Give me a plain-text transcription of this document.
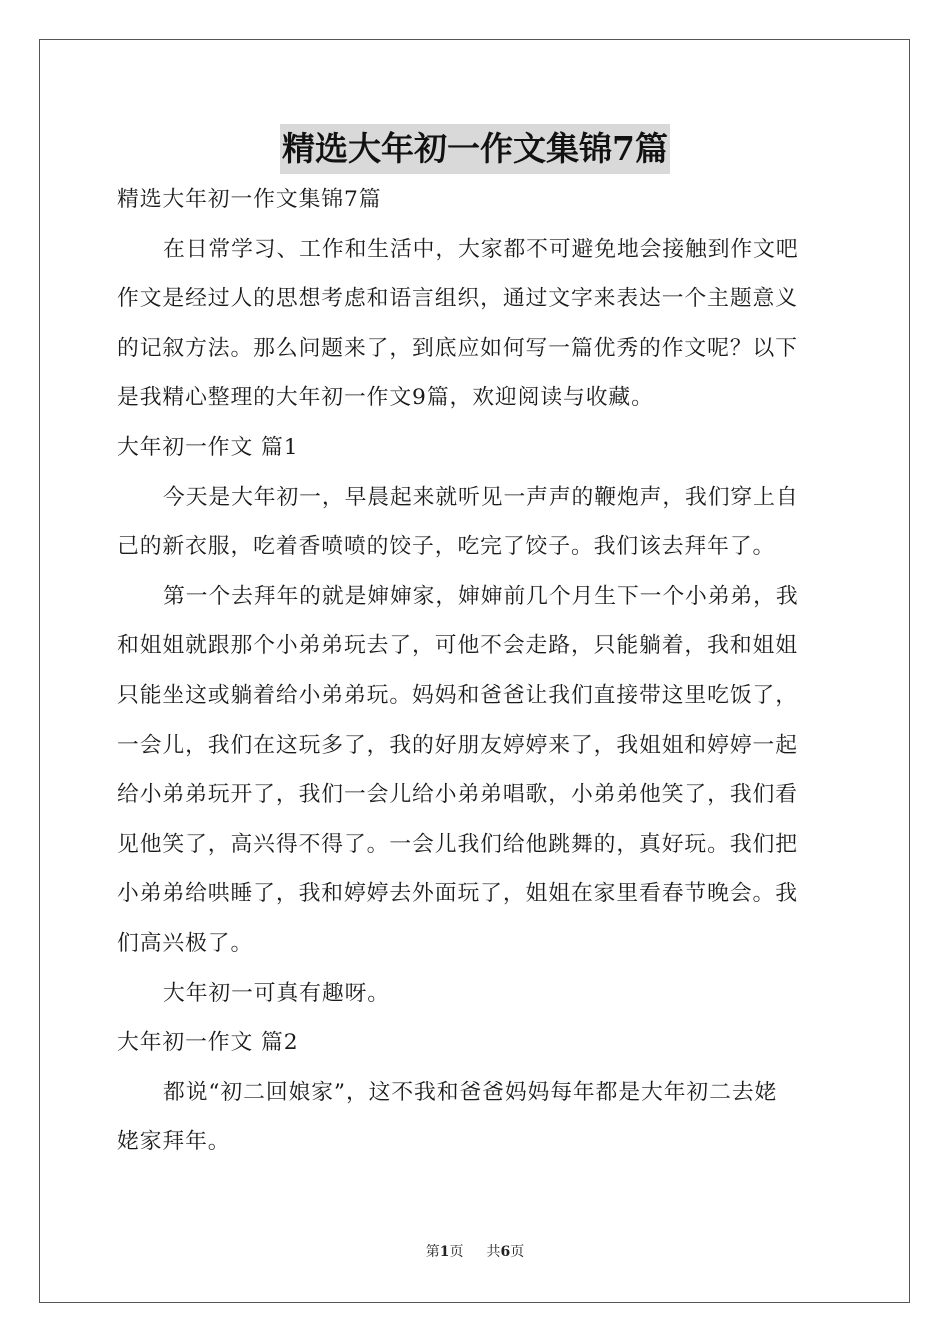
精选大年初一作文集锦7篇
精选大年初一作文集锦7篇
在日常学习、工作和生活中，大家都不可避免地会接触到作文吧
作文是经过人的思想考虑和语言组织，通过文字来表达一个主题意义
的记叙方法。那么问题来了，到底应如何写一篇优秀的作文呢？以下
是我精心整理的大年初一作文9篇，欢迎阅读与收藏。
大年初一作文 篇1
今天是大年初一，早晨起来就听见一声声的鞭炮声，我们穿上自
己的新衣服，吃着香喷喷的饺子，吃完了饺子。我们该去拜年了。
第一个去拜年的就是婶婶家，婶婶前几个月生下一个小弟弟，我
和姐姐就跟那个小弟弟玩去了，可他不会走路，只能躺着，我和姐姐
只能坐这或躺着给小弟弟玩。妈妈和爸爸让我们直接带这里吃饭了，
一会儿，我们在这玩多了，我的好朋友婷婷来了，我姐姐和婷婷一起
给小弟弟玩开了，我们一会儿给小弟弟唱歌，小弟弟他笑了，我们看
见他笑了，高兴得不得了。一会儿我们给他跳舞的，真好玩。我们把
小弟弟给哄睡了，我和婷婷去外面玩了，姐姐在家里看春节晚会。我
们高兴极了。
大年初一可真有趣呀。
大年初一作文 篇2
都说“初二回娘家”，这不我和爸爸妈妈每年都是大年初二去姥
姥家拜年。
第1页 共6页
